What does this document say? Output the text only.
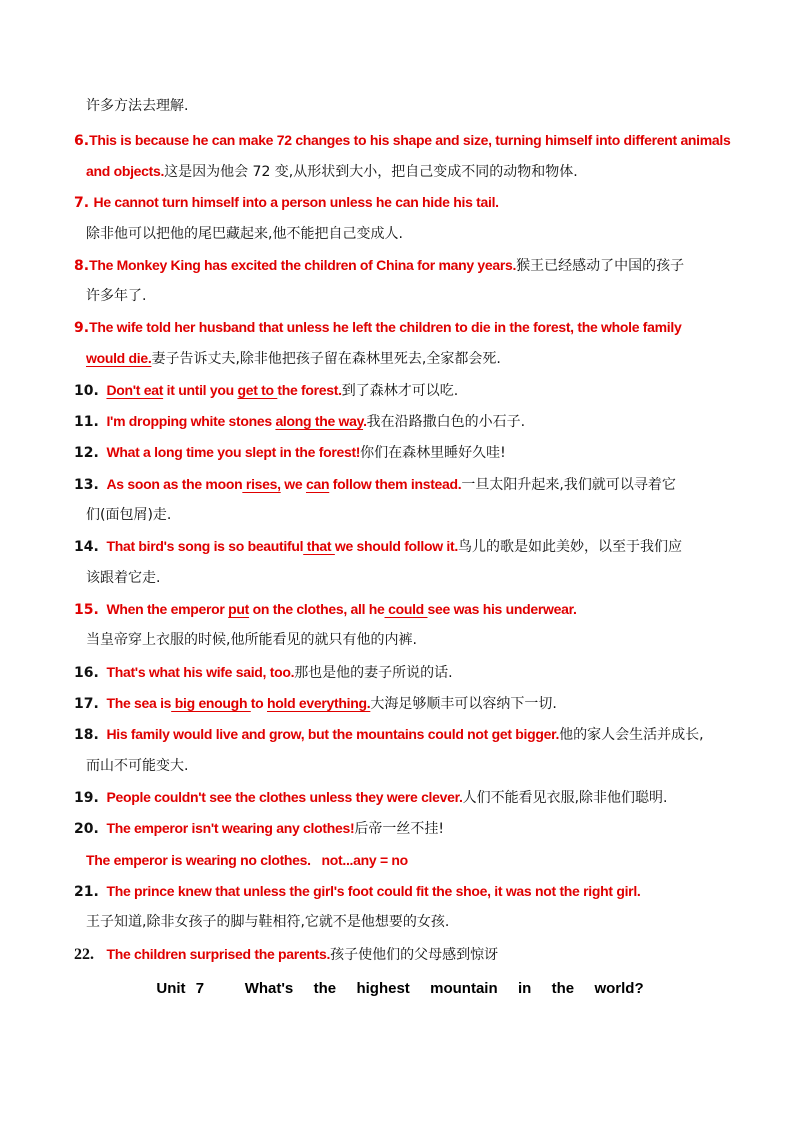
许多方法去理解.
6.This is because he can make 72 changes to his shape and size, turning himself into different animals
and objects.这是因为他会 72 变,从形状到大小，把自己变成不同的动物和物体.
7. He cannot turn himself into a person unless he can hide his tail.
除非他可以把他的尾巴藏起来,他不能把自己变成人.
8.The Monkey King has excited the children of China for many years.猴王已经感动了中国的孩子
许多年了.
9.The wife told her husband that unless he left the children to die in the forest, the whole family
would die.妻子告诉丈夫,除非他把孩子留在森林里死去,全家都会死.
10. Don't eat it until you get to the forest.到了森林才可以吃.
11. I'm dropping white stones along the way.我在沿路撒白色的小石子.
12. What a long time you slept in the forest!你们在森林里睡好久哇!
13. As soon as the moon rises, we can follow them instead.一旦太阳升起来,我们就可以寻着它
们(面包屑)走.
14. That bird's song is so beautiful that we should follow it.鸟儿的歌是如此美妙，以至于我们应
该跟着它走.
15. When the emperor put on the clothes, all he could see was his underwear.
当皇帝穿上衣服的时候,他所能看见的就只有他的内裤.
16. That's what his wife said, too.那也是他的妻子所说的话.
17. The sea is big enough to hold everything.大海足够顺丰可以容纳下一切.
18. His family would live and grow, but the mountains could not get bigger.他的家人会生活并成长,
而山不可能变大.
19. People couldn't see the clothes unless they were clever.人们不能看见衣服,除非他们聪明.
20. The emperor isn't wearing any clothes!后帝一丝不挂!
The emperor is wearing no clothes.   not...any = no
21. The prince knew that unless the girl's foot could fit the shoe, it was not the right girl.
王子知道,除非女孩子的脚与鞋相符,它就不是他想要的女孩.
22. The children surprised the parents.孩子使他们的父母感到惊讶
Unit 7    What's  the  highest  mountain  in  the  world?
